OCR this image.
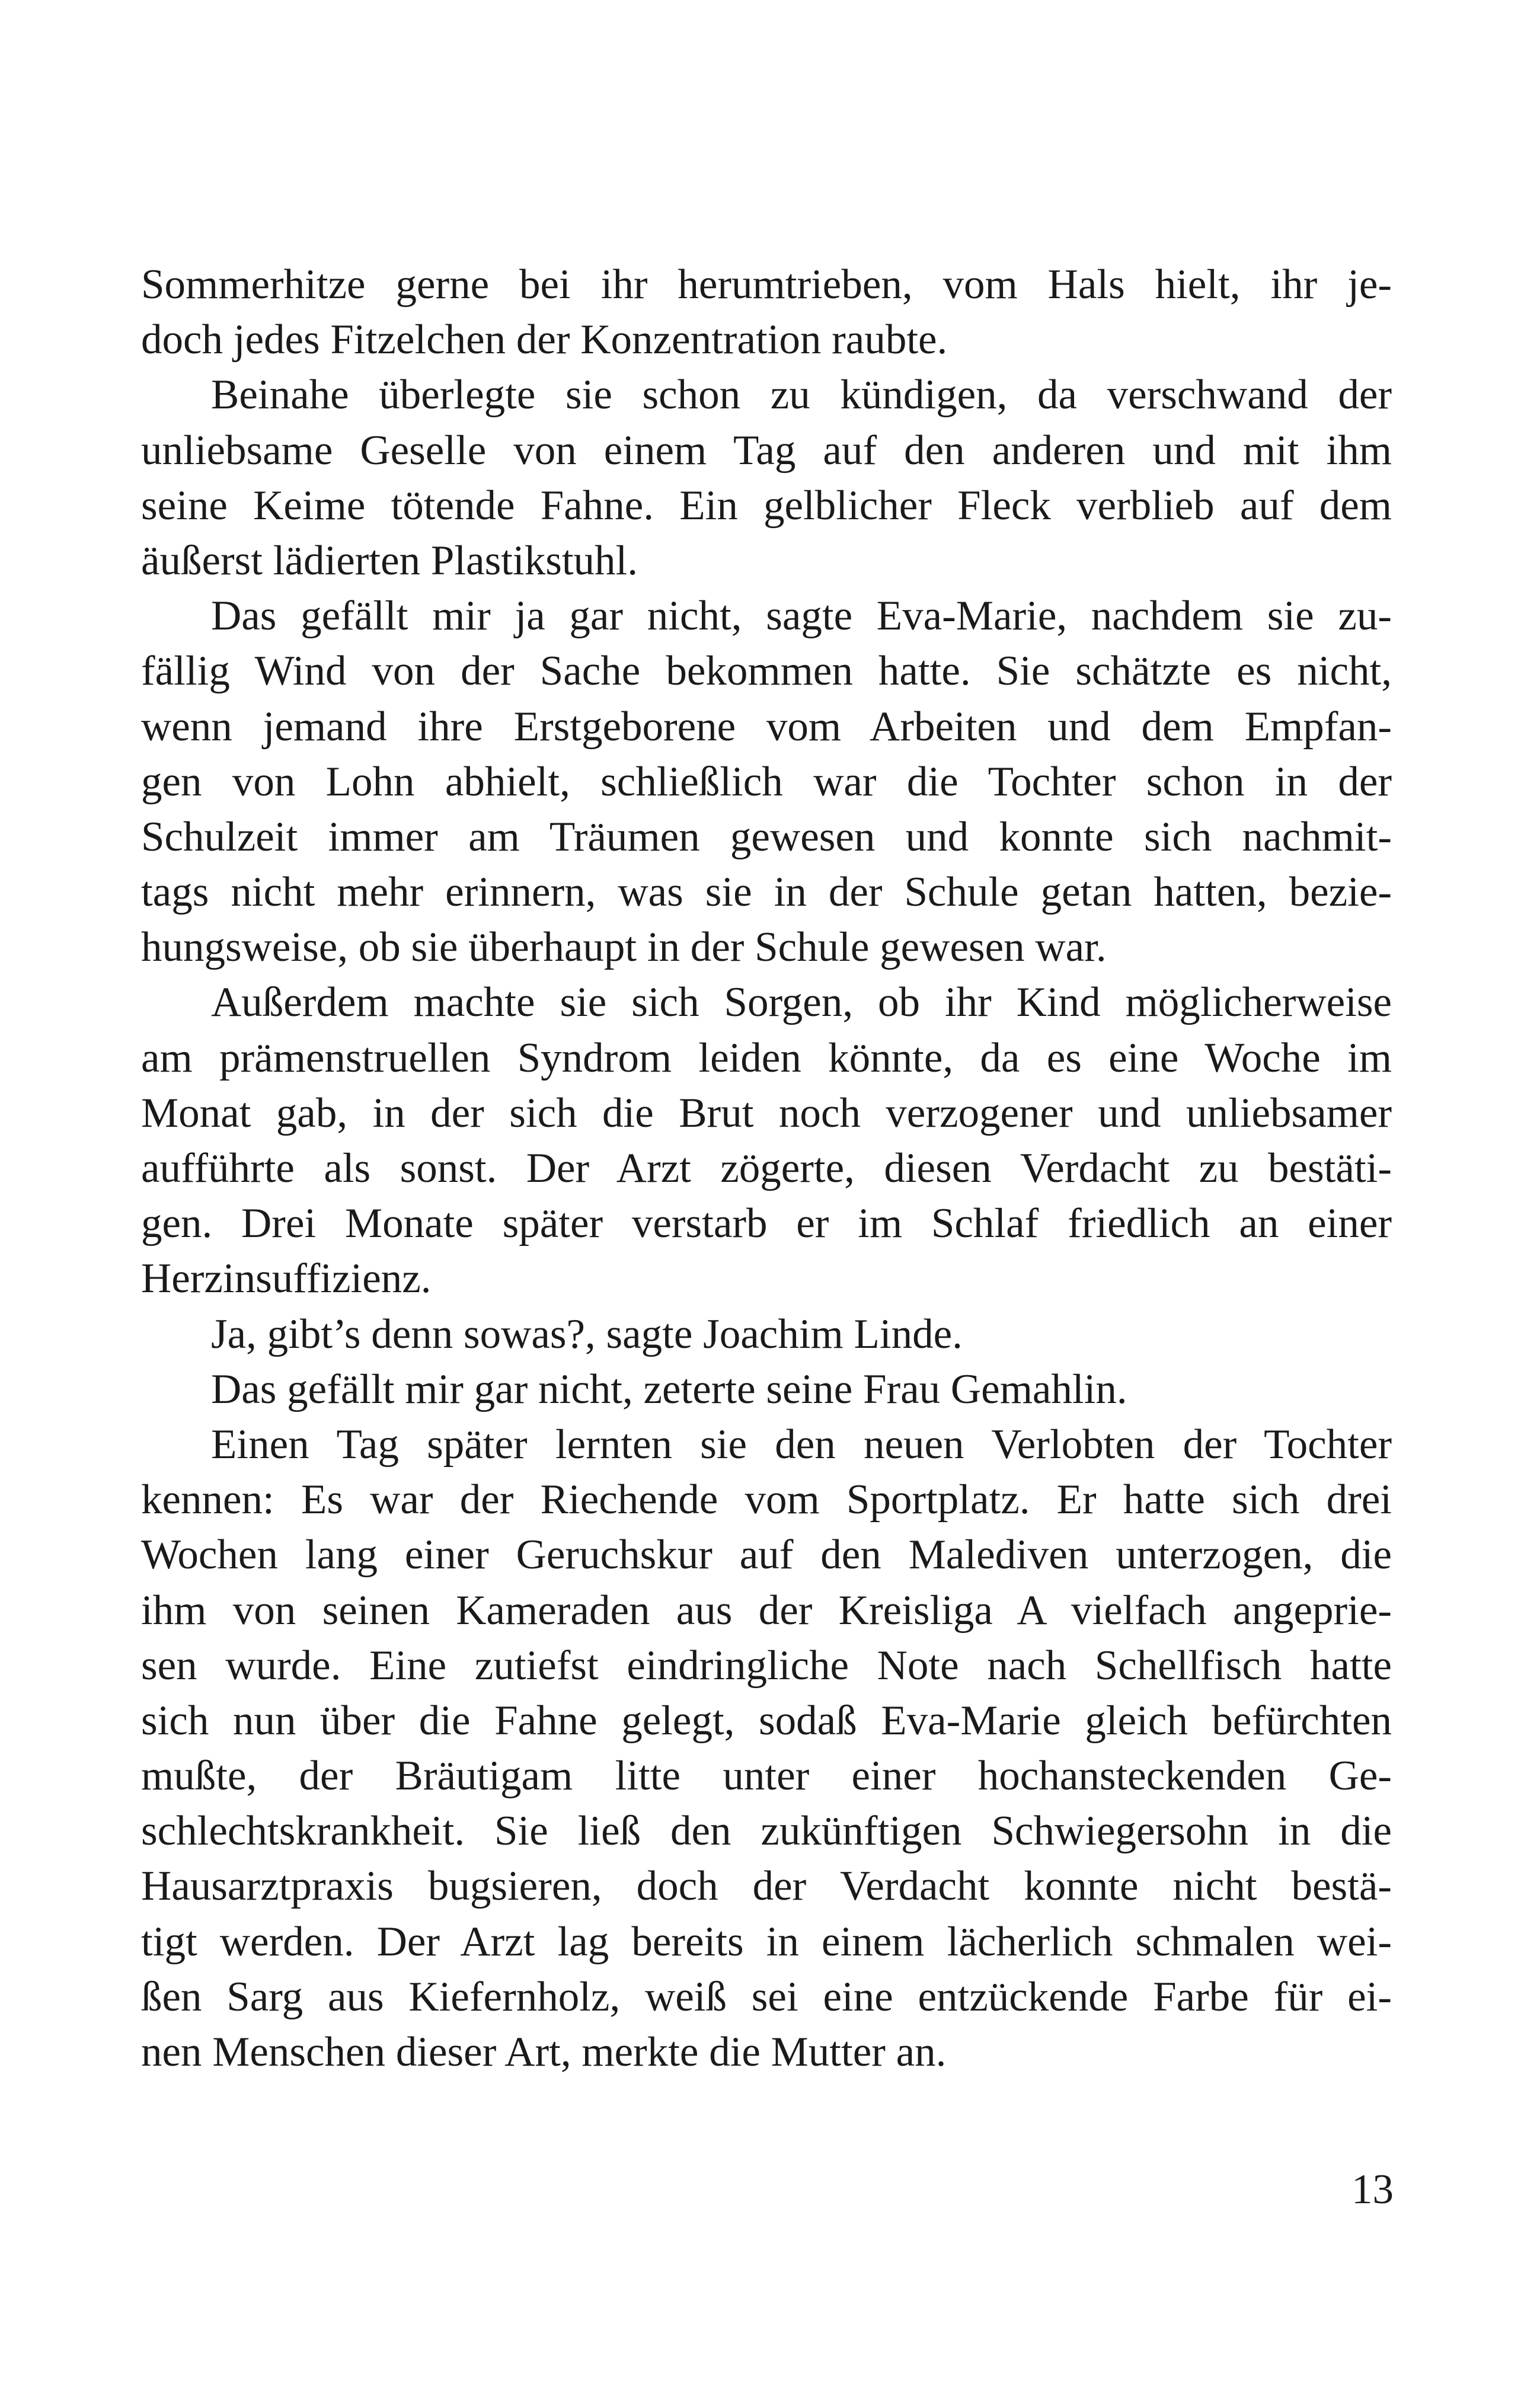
Sommerhitze gerne bei ihr herumtrieben, vom Hals hielt, ihr je-
doch jedes Fitzelchen der Konzentration raubte.
Beinahe überlegte sie schon zu kündigen, da verschwand der
unliebsame Geselle von einem Tag auf den anderen und mit ihm
seine Keime tötende Fahne. Ein gelblicher Fleck verblieb auf dem
äußerst lädierten Plastikstuhl.
Das gefällt mir ja gar nicht, sagte Eva-Marie, nachdem sie zu-
fällig Wind von der Sache bekommen hatte. Sie schätzte es nicht,
wenn jemand ihre Erstgeborene vom Arbeiten und dem Empfan-
gen von Lohn abhielt, schließlich war die Tochter schon in der
Schulzeit immer am Träumen gewesen und konnte sich nachmit-
tags nicht mehr erinnern, was sie in der Schule getan hatten, bezie-
hungsweise, ob sie überhaupt in der Schule gewesen war.
Außerdem machte sie sich Sorgen, ob ihr Kind möglicherweise
am prämenstruellen Syndrom leiden könnte, da es eine Woche im
Monat gab, in der sich die Brut noch verzogener und unliebsamer
aufführte als sonst. Der Arzt zögerte, diesen Verdacht zu bestäti-
gen. Drei Monate später verstarb er im Schlaf friedlich an einer
Herzinsuffizienz.
Ja, gibt’s denn sowas?, sagte Joachim Linde.
Das gefällt mir gar nicht, zeterte seine Frau Gemahlin.
Einen Tag später lernten sie den neuen Verlobten der Tochter
kennen: Es war der Riechende vom Sportplatz. Er hatte sich drei
Wochen lang einer Geruchskur auf den Malediven unterzogen, die
ihm von seinen Kameraden aus der Kreisliga A vielfach angeprie-
sen wurde. Eine zutiefst eindringliche Note nach Schellfisch hatte
sich nun über die Fahne gelegt, sodaß Eva-Marie gleich befürchten
mußte, der Bräutigam litte unter einer hochansteckenden Ge-
schlechtskrankheit. Sie ließ den zukünftigen Schwiegersohn in die
Hausarztpraxis bugsieren, doch der Verdacht konnte nicht bestä-
tigt werden. Der Arzt lag bereits in einem lächerlich schmalen wei-
ßen Sarg aus Kiefernholz, weiß sei eine entzückende Farbe für ei-
nen Menschen dieser Art, merkte die Mutter an.
13
